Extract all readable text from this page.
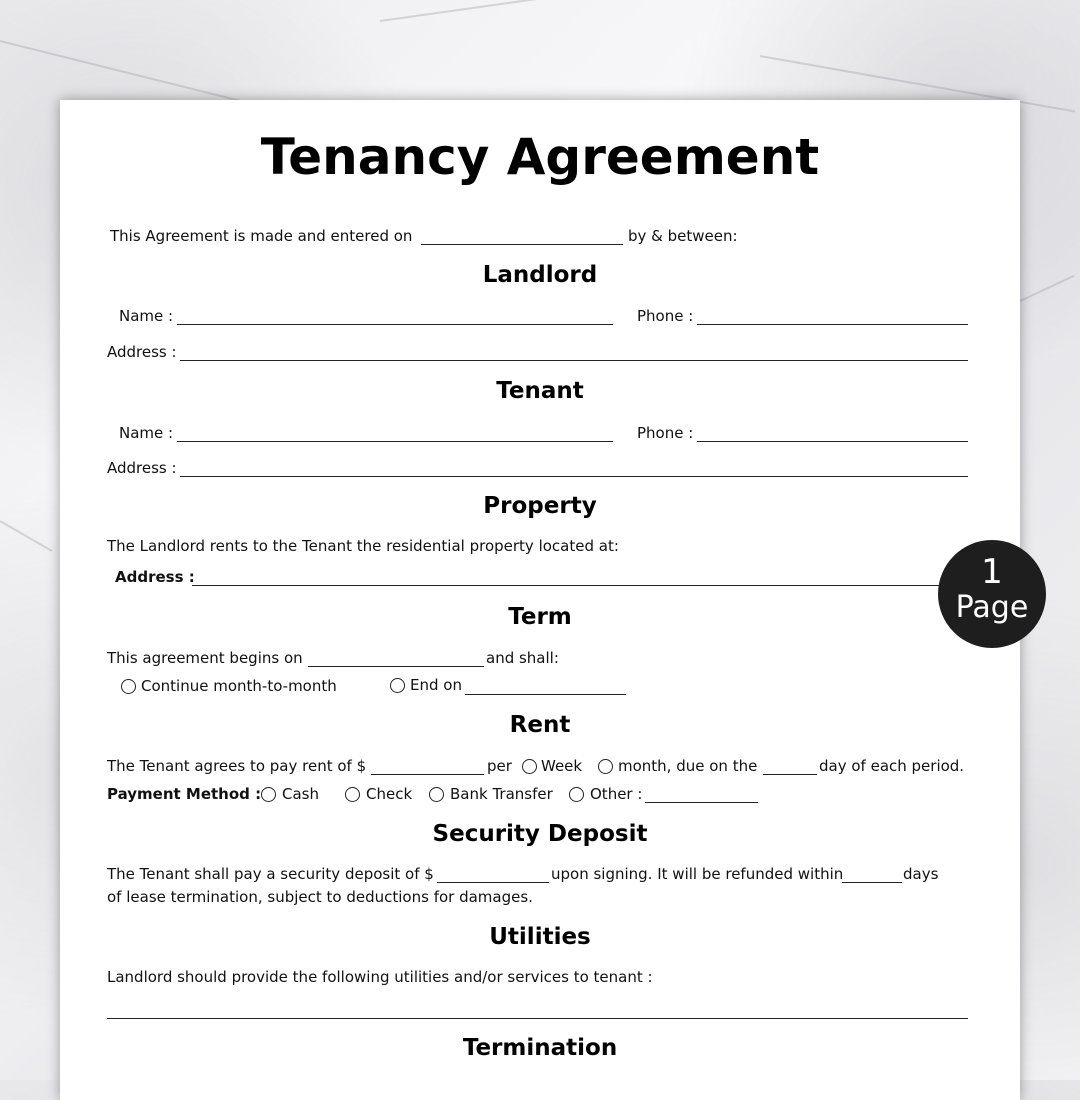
Tenancy Agreement
This Agreement is made and entered on	by & between:
Landlord
Name :	Phone :
Address :
Tenant
Name :	Phone :
Address :
Property
The Landlord rents to the Tenant the residential property located at:
Address :
Term
This agreement begins on	and shall:
Continue month-to-month	End on
Rent
The Tenant agrees to pay rent of $	per Week month, due on the	day of each period.
Payment Method : Cash	Check	Bank Transfer Other :
Security Deposit
The Tenant shall pay a security deposit of $	upon signing. It will be refunded within	days
of lease termination, subject to deductions for damages.
Utilities
Landlord should provide the following utilities and/or services to tenant :
Termination
1
Page
